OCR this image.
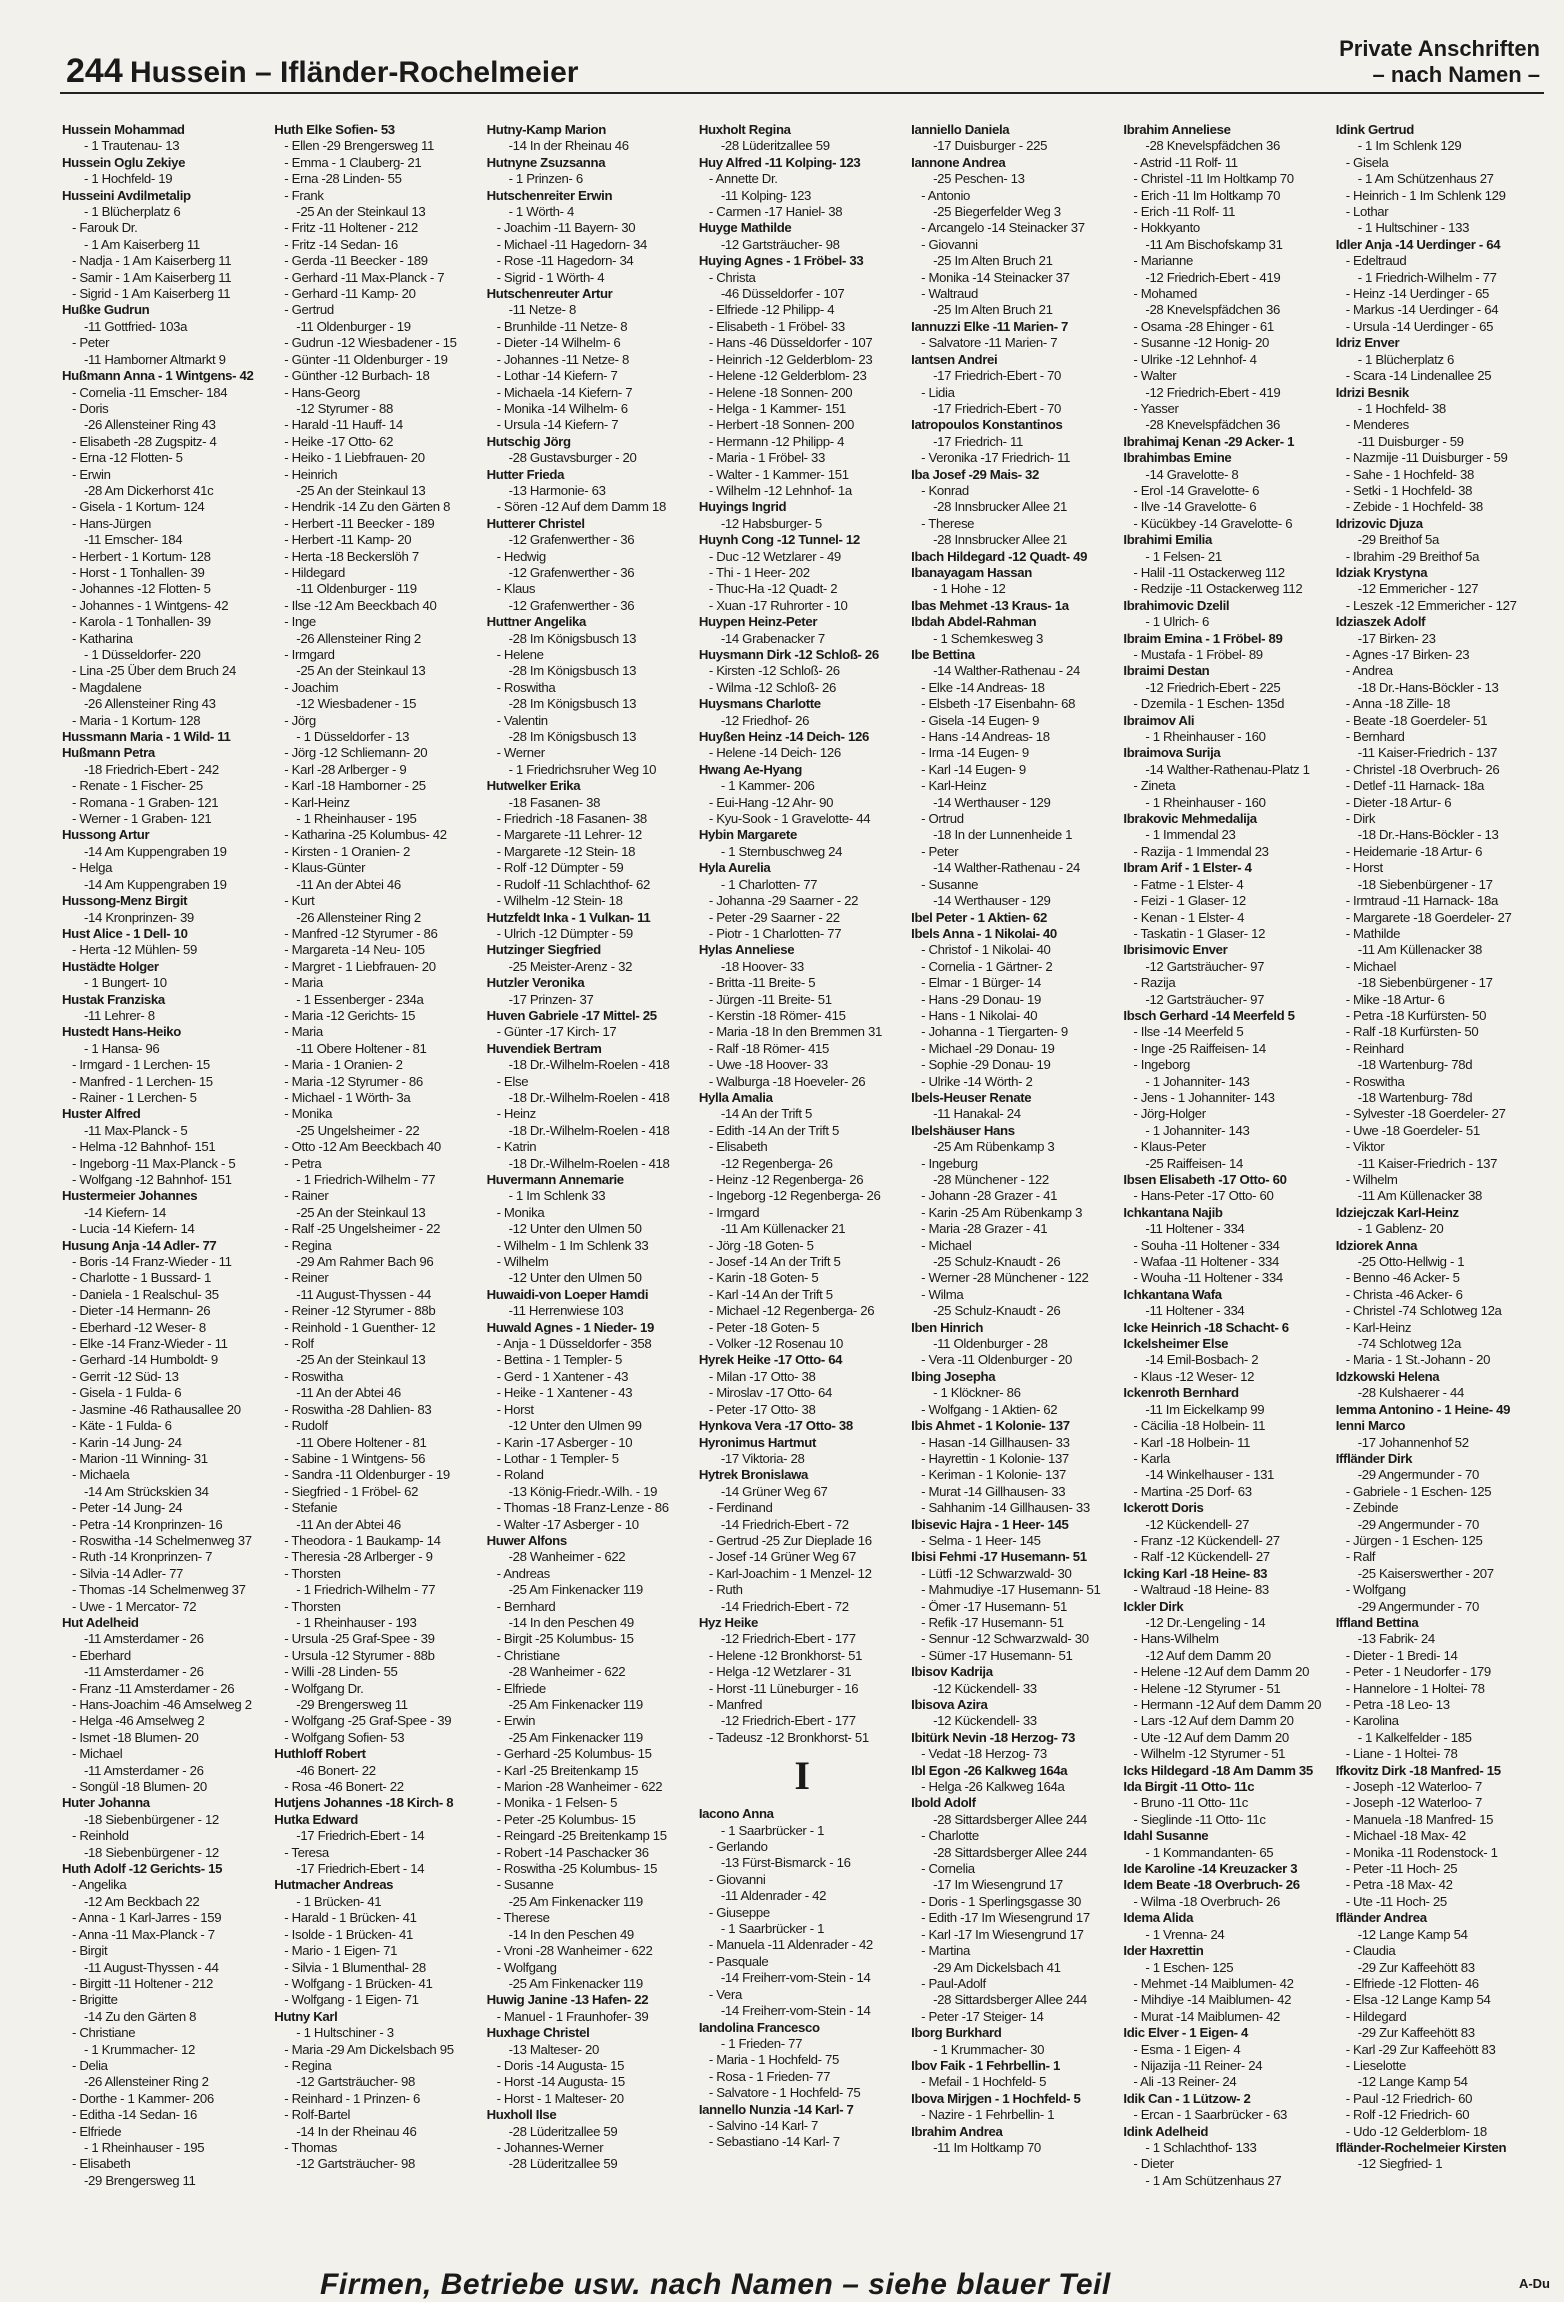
244 Hussein – Ifländer-Rochelmeier
Private Anschriften
– nach Namen –
Hussein Mohammad
- 1 Trautenau- 13
Hussein Oglu Zekiye
- 1 Hochfeld- 19
Husseini Avdilmetalip
- 1 Blücherplatz 6
- Farouk Dr.
- 1 Am Kaiserberg 11
- Nadja - 1 Am Kaiserberg 11
- Samir - 1 Am Kaiserberg 11
- Sigrid - 1 Am Kaiserberg 11
Hußke Gudrun
-11 Gottfried- 103a
- Peter
-11 Hamborner Altmarkt 9
Hußmann Anna - 1 Wintgens- 42
- Cornelia -11 Emscher- 184
- Doris
-26 Allensteiner Ring 43
- Elisabeth -28 Zugspitz- 4
- Erna -12 Flotten- 5
- Erwin
-28 Am Dickerhorst 41c
- Gisela - 1 Kortum- 124
- Hans-Jürgen
-11 Emscher- 184
- Herbert - 1 Kortum- 128
- Horst - 1 Tonhallen- 39
- Johannes -12 Flotten- 5
- Johannes - 1 Wintgens- 42
- Karola - 1 Tonhallen- 39
- Katharina
- 1 Düsseldorfer- 220
- Lina -25 Über dem Bruch 24
- Magdalene
-26 Allensteiner Ring 43
- Maria - 1 Kortum- 128
Hussmann Maria - 1 Wild- 11
Hußmann Petra
-18 Friedrich-Ebert - 242
- Renate - 1 Fischer- 25
- Romana - 1 Graben- 121
- Werner - 1 Graben- 121
Hussong Artur
-14 Am Kuppengraben 19
- Helga
-14 Am Kuppengraben 19
Hussong-Menz Birgit
-14 Kronprinzen- 39
Hust Alice - 1 Dell- 10
- Herta -12 Mühlen- 59
Hustädte Holger
- 1 Bungert- 10
Hustak Franziska
-11 Lehrer- 8
Hustedt Hans-Heiko
- 1 Hansa- 96
- Irmgard - 1 Lerchen- 15
- Manfred - 1 Lerchen- 15
- Rainer - 1 Lerchen- 5
Huster Alfred
-11 Max-Planck - 5
- Helma -12 Bahnhof- 151
- Ingeborg -11 Max-Planck - 5
- Wolfgang -12 Bahnhof- 151
Hustermeier Johannes
-14 Kiefern- 14
- Lucia -14 Kiefern- 14
Husung Anja -14 Adler- 77
- Boris -14 Franz-Wieder - 11
- Charlotte - 1 Bussard- 1
- Daniela - 1 Realschul- 35
- Dieter -14 Hermann- 26
- Eberhard -12 Weser- 8
- Elke -14 Franz-Wieder - 11
- Gerhard -14 Humboldt- 9
- Gerrit -12 Süd- 13
- Gisela - 1 Fulda- 6
- Jasmine -46 Rathausallee 20
- Käte - 1 Fulda- 6
- Karin -14 Jung- 24
- Marion -11 Winning- 31
- Michaela
-14 Am Strückskien 34
- Peter -14 Jung- 24
- Petra -14 Kronprinzen- 16
- Roswitha -14 Schelmenweg 37
- Ruth -14 Kronprinzen- 7
- Silvia -14 Adler- 77
- Thomas -14 Schelmenweg 37
- Uwe - 1 Mercator- 72
Hut Adelheid
-11 Amsterdamer - 26
- Eberhard
-11 Amsterdamer - 26
- Franz -11 Amsterdamer - 26
- Hans-Joachim -46 Amselweg 2
- Helga -46 Amselweg 2
- Ismet -18 Blumen- 20
- Michael
-11 Amsterdamer - 26
- Songül -18 Blumen- 20
Huter Johanna
-18 Siebenbürgener - 12
- Reinhold
-18 Siebenbürgener - 12
Huth Adolf -12 Gerichts- 15
- Angelika
-12 Am Beckbach 22
- Anna - 1 Karl-Jarres - 159
- Anna -11 Max-Planck - 7
- Birgit
-11 August-Thyssen - 44
- Birgitt -11 Holtener - 212
- Brigitte
-14 Zu den Gärten 8
- Christiane
- 1 Krummacher- 12
- Delia
-26 Allensteiner Ring 2
- Dorthe - 1 Kammer- 206
- Editha -14 Sedan- 16
- Elfriede
- 1 Rheinhauser - 195
- Elisabeth
-29 Brengersweg 11
Huth Elke Sofien- 53
- Ellen -29 Brengersweg 11
- Emma - 1 Clauberg- 21
- Erna -28 Linden- 55
- Frank
-25 An der Steinkaul 13
- Fritz -11 Holtener - 212
- Fritz -14 Sedan- 16
- Gerda -11 Beecker - 189
- Gerhard -11 Max-Planck - 7
- Gerhard -11 Kamp- 20
- Gertrud
-11 Oldenburger - 19
- Gudrun -12 Wiesbadener - 15
- Günter -11 Oldenburger - 19
- Günther -12 Burbach- 18
- Hans-Georg
-12 Styrumer - 88
- Harald -11 Hauff- 14
- Heike -17 Otto- 62
- Heiko - 1 Liebfrauen- 20
- Heinrich
-25 An der Steinkaul 13
- Hendrik -14 Zu den Gärten 8
- Herbert -11 Beecker - 189
- Herbert -11 Kamp- 20
- Herta -18 Beckerslöh 7
- Hildegard
-11 Oldenburger - 119
- Ilse -12 Am Beeckbach 40
- Inge
-26 Allensteiner Ring 2
- Irmgard
-25 An der Steinkaul 13
- Joachim
-12 Wiesbadener - 15
- Jörg
- 1 Düsseldorfer - 13
- Jörg -12 Schliemann- 20
- Karl -28 Arlberger - 9
- Karl -18 Hamborner - 25
- Karl-Heinz
- 1 Rheinhauser - 195
- Katharina -25 Kolumbus- 42
- Kirsten - 1 Oranien- 2
- Klaus-Günter
-11 An der Abtei 46
- Kurt
-26 Allensteiner Ring 2
- Manfred -12 Styrumer - 86
- Margareta -14 Neu- 105
- Margret - 1 Liebfrauen- 20
- Maria
- 1 Essenberger - 234a
- Maria -12 Gerichts- 15
- Maria
-11 Obere Holtener - 81
- Maria - 1 Oranien- 2
- Maria -12 Styrumer - 86
- Michael - 1 Wörth- 3a
- Monika
-25 Ungelsheimer - 22
- Otto -12 Am Beeckbach 40
- Petra
- 1 Friedrich-Wilhelm - 77
- Rainer
-25 An der Steinkaul 13
- Ralf -25 Ungelsheimer - 22
- Regina
-29 Am Rahmer Bach 96
- Reiner
-11 August-Thyssen - 44
- Reiner -12 Styrumer - 88b
- Reinhold - 1 Guenther- 12
- Rolf
-25 An der Steinkaul 13
- Roswitha
-11 An der Abtei 46
- Roswitha -28 Dahlien- 83
- Rudolf
-11 Obere Holtener - 81
- Sabine - 1 Wintgens- 56
- Sandra -11 Oldenburger - 19
- Siegfried - 1 Fröbel- 62
- Stefanie
-11 An der Abtei 46
- Theodora - 1 Baukamp- 14
- Theresia -28 Arlberger - 9
- Thorsten
- 1 Friedrich-Wilhelm - 77
- Thorsten
- 1 Rheinhauser - 193
- Ursula -25 Graf-Spee - 39
- Ursula -12 Styrumer - 88b
- Willi -28 Linden- 55
- Wolfgang Dr.
-29 Brengersweg 11
- Wolfgang -25 Graf-Spee - 39
- Wolfgang Sofien- 53
Huthloff Robert
-46 Bonert- 22
- Rosa -46 Bonert- 22
Hutjens Johannes -18 Kirch- 8
Hutka Edward
-17 Friedrich-Ebert - 14
- Teresa
-17 Friedrich-Ebert - 14
Hutmacher Andreas
- 1 Brücken- 41
- Harald - 1 Brücken- 41
- Isolde - 1 Brücken- 41
- Mario - 1 Eigen- 71
- Silvia - 1 Blumenthal- 28
- Wolfgang - 1 Brücken- 41
- Wolfgang - 1 Eigen- 71
Hutny Karl
- 1 Hultschiner - 3
- Maria -29 Am Dickelsbach 95
- Regina
-12 Gartsträucher- 98
- Reinhard - 1 Prinzen- 6
- Rolf-Bartel
-14 In der Rheinau 46
- Thomas
-12 Gartsträucher- 98
Hutny-Kamp Marion
-14 In der Rheinau 46
Hutnyne Zsuzsanna
- 1 Prinzen- 6
Hutschenreiter Erwin
- 1 Wörth- 4
- Joachim -11 Bayern- 30
- Michael -11 Hagedorn- 34
- Rose -11 Hagedorn- 34
- Sigrid - 1 Wörth- 4
Hutschenreuter Artur
-11 Netze- 8
- Brunhilde -11 Netze- 8
- Dieter -14 Wilhelm- 6
- Johannes -11 Netze- 8
- Lothar -14 Kiefern- 7
- Michaela -14 Kiefern- 7
- Monika -14 Wilhelm- 6
- Ursula -14 Kiefern- 7
Hutschig Jörg
-28 Gustavsburger - 20
Hutter Frieda
-13 Harmonie- 63
- Sören -12 Auf dem Damm 18
Hutterer Christel
-12 Grafenwerther - 36
- Hedwig
-12 Grafenwerther - 36
- Klaus
-12 Grafenwerther - 36
Huttner Angelika
-28 Im Königsbusch 13
- Helene
-28 Im Königsbusch 13
- Roswitha
-28 Im Königsbusch 13
- Valentin
-28 Im Königsbusch 13
- Werner
- 1 Friedrichsruher Weg 10
Hutwelker Erika
-18 Fasanen- 38
- Friedrich -18 Fasanen- 38
- Margarete -11 Lehrer- 12
- Margarete -12 Stein- 18
- Rolf -12 Dümpter - 59
- Rudolf -11 Schlachthof- 62
- Wilhelm -12 Stein- 18
Hutzfeldt Inka - 1 Vulkan- 11
- Ulrich -12 Dümpter - 59
Hutzinger Siegfried
-25 Meister-Arenz - 32
Hutzler Veronika
-17 Prinzen- 37
Huven Gabriele -17 Mittel- 25
- Günter -17 Kirch- 17
Huvendiek Bertram
-18 Dr.-Wilhelm-Roelen - 418
- Else
-18 Dr.-Wilhelm-Roelen - 418
- Heinz
-18 Dr.-Wilhelm-Roelen - 418
- Katrin
-18 Dr.-Wilhelm-Roelen - 418
Huvermann Annemarie
- 1 Im Schlenk 33
- Monika
-12 Unter den Ulmen 50
- Wilhelm - 1 Im Schlenk 33
- Wilhelm
-12 Unter den Ulmen 50
Huwaidi-von Loeper Hamdi
-11 Herrenwiese 103
Huwald Agnes - 1 Nieder- 19
- Anja - 1 Düsseldorfer - 358
- Bettina - 1 Templer- 5
- Gerd - 1 Xantener - 43
- Heike - 1 Xantener - 43
- Horst
-12 Unter den Ulmen 99
- Karin -17 Asberger - 10
- Lothar - 1 Templer- 5
- Roland
-13 König-Friedr.-Wilh. - 19
- Thomas -18 Franz-Lenze - 86
- Walter -17 Asberger - 10
Huwer Alfons
-28 Wanheimer - 622
- Andreas
-25 Am Finkenacker 119
- Bernhard
-14 In den Peschen 49
- Birgit -25 Kolumbus- 15
- Christiane
-28 Wanheimer - 622
- Elfriede
-25 Am Finkenacker 119
- Erwin
-25 Am Finkenacker 119
- Gerhard -25 Kolumbus- 15
- Karl -25 Breitenkamp 15
- Marion -28 Wanheimer - 622
- Monika - 1 Felsen- 5
- Peter -25 Kolumbus- 15
- Reingard -25 Breitenkamp 15
- Robert -14 Paschacker 36
- Roswitha -25 Kolumbus- 15
- Susanne
-25 Am Finkenacker 119
- Therese
-14 In den Peschen 49
- Vroni -28 Wanheimer - 622
- Wolfgang
-25 Am Finkenacker 119
Huwig Janine -13 Hafen- 22
- Manuel - 1 Fraunhofer- 39
Huxhage Christel
-13 Malteser- 20
- Doris -14 Augusta- 15
- Horst -14 Augusta- 15
- Horst - 1 Malteser- 20
Huxholl Ilse
-28 Lüderitzallee 59
- Johannes-Werner
-28 Lüderitzallee 59
Huxholt Regina
-28 Lüderitzallee 59
Huy Alfred -11 Kolping- 123
- Annette Dr.
-11 Kolping- 123
- Carmen -17 Haniel- 38
Huyge Mathilde
-12 Gartsträucher- 98
Huying Agnes - 1 Fröbel- 33
- Christa
-46 Düsseldorfer - 107
- Elfriede -12 Philipp- 4
- Elisabeth - 1 Fröbel- 33
- Hans -46 Düsseldorfer - 107
- Heinrich -12 Gelderblom- 23
- Helene -12 Gelderblom- 23
- Helene -18 Sonnen- 200
- Helga - 1 Kammer- 151
- Herbert -18 Sonnen- 200
- Hermann -12 Philipp- 4
- Maria - 1 Fröbel- 33
- Walter - 1 Kammer- 151
- Wilhelm -12 Lehnhof- 1a
Huyings Ingrid
-12 Habsburger- 5
Huynh Cong -12 Tunnel- 12
- Duc -12 Wetzlarer - 49
- Thi - 1 Heer- 202
- Thuc-Ha -12 Quadt- 2
- Xuan -17 Ruhrorter - 10
Huypen Heinz-Peter
-14 Grabenacker 7
Huysmann Dirk -12 Schloß- 26
- Kirsten -12 Schloß- 26
- Wilma -12 Schloß- 26
Huysmans Charlotte
-12 Friedhof- 26
Huyßen Heinz -14 Deich- 126
- Helene -14 Deich- 126
Hwang Ae-Hyang
- 1 Kammer- 206
- Eui-Hang -12 Ahr- 90
- Kyu-Sook - 1 Gravelotte- 44
Hybin Margarete
- 1 Sternbuschweg 24
Hyla Aurelia
- 1 Charlotten- 77
- Johanna -29 Saarner - 22
- Peter -29 Saarner - 22
- Piotr - 1 Charlotten- 77
Hylas Anneliese
-18 Hoover- 33
- Britta -11 Breite- 5
- Jürgen -11 Breite- 51
- Kerstin -18 Römer- 415
- Maria -18 In den Bremmen 31
- Ralf -18 Römer- 415
- Uwe -18 Hoover- 33
- Walburga -18 Hoeveler- 26
Hylla Amalia
-14 An der Trift 5
- Edith -14 An der Trift 5
- Elisabeth
-12 Regenberga- 26
- Heinz -12 Regenberga- 26
- Ingeborg -12 Regenberga- 26
- Irmgard
-11 Am Küllenacker 21
- Jörg -18 Goten- 5
- Josef -14 An der Trift 5
- Karin -18 Goten- 5
- Karl -14 An der Trift 5
- Michael -12 Regenberga- 26
- Peter -18 Goten- 5
- Volker -12 Rosenau 10
Hyrek Heike -17 Otto- 64
- Milan -17 Otto- 38
- Miroslav -17 Otto- 64
- Peter -17 Otto- 38
Hynkova Vera -17 Otto- 38
Hyronimus Hartmut
-17 Viktoria- 28
Hytrek Bronislawa
-14 Grüner Weg 67
- Ferdinand
-14 Friedrich-Ebert - 72
- Gertrud -25 Zur Dieplade 16
- Josef -14 Grüner Weg 67
- Karl-Joachim - 1 Menzel- 12
- Ruth
-14 Friedrich-Ebert - 72
Hyz Heike
-12 Friedrich-Ebert - 177
- Helene -12 Bronkhorst- 51
- Helga -12 Wetzlarer - 31
- Horst -11 Lüneburger - 16
- Manfred
-12 Friedrich-Ebert - 177
- Tadeusz -12 Bronkhorst- 51
I
Iacono Anna
- 1 Saarbrücker - 1
- Gerlando
-13 Fürst-Bismarck - 16
- Giovanni
-11 Aldenrader - 42
- Giuseppe
- 1 Saarbrücker - 1
- Manuela -11 Aldenrader - 42
- Pasquale
-14 Freiherr-vom-Stein - 14
- Vera
-14 Freiherr-vom-Stein - 14
Iandolina Francesco
- 1 Frieden- 77
- Maria - 1 Hochfeld- 75
- Rosa - 1 Frieden- 77
- Salvatore - 1 Hochfeld- 75
Iannello Nunzia -14 Karl- 7
- Salvino -14 Karl- 7
- Sebastiano -14 Karl- 7
Ianniello Daniela
-17 Duisburger - 225
Iannone Andrea
-25 Peschen- 13
- Antonio
-25 Biegerfelder Weg 3
- Arcangelo -14 Steinacker 37
- Giovanni
-25 Im Alten Bruch 21
- Monika -14 Steinacker 37
- Waltraud
-25 Im Alten Bruch 21
Iannuzzi Elke -11 Marien- 7
- Salvatore -11 Marien- 7
Iantsen Andrei
-17 Friedrich-Ebert - 70
- Lidia
-17 Friedrich-Ebert - 70
Iatropoulos Konstantinos
-17 Friedrich- 11
- Veronika -17 Friedrich- 11
Iba Josef -29 Mais- 32
- Konrad
-28 Innsbrucker Allee 21
- Therese
-28 Innsbrucker Allee 21
Ibach Hildegard -12 Quadt- 49
Ibanayagam Hassan
- 1 Hohe - 12
Ibas Mehmet -13 Kraus- 1a
Ibdah Abdel-Rahman
- 1 Schemkesweg 3
Ibe Bettina
-14 Walther-Rathenau - 24
- Elke -14 Andreas- 18
- Elsbeth -17 Eisenbahn- 68
- Gisela -14 Eugen- 9
- Hans -14 Andreas- 18
- Irma -14 Eugen- 9
- Karl -14 Eugen- 9
- Karl-Heinz
-14 Werthauser - 129
- Ortrud
-18 In der Lunnenheide 1
- Peter
-14 Walther-Rathenau - 24
- Susanne
-14 Werthauser - 129
Ibel Peter - 1 Aktien- 62
Ibels Anna - 1 Nikolai- 40
- Christof - 1 Nikolai- 40
- Cornelia - 1 Gärtner- 2
- Elmar - 1 Bürger- 14
- Hans -29 Donau- 19
- Hans - 1 Nikolai- 40
- Johanna - 1 Tiergarten- 9
- Michael -29 Donau- 19
- Sophie -29 Donau- 19
- Ulrike -14 Wörth- 2
Ibels-Heuser Renate
-11 Hanakal- 24
Ibelshäuser Hans
-25 Am Rübenkamp 3
- Ingeburg
-28 Münchener - 122
- Johann -28 Grazer - 41
- Karin -25 Am Rübenkamp 3
- Maria -28 Grazer - 41
- Michael
-25 Schulz-Knaudt - 26
- Werner -28 Münchener - 122
- Wilma
-25 Schulz-Knaudt - 26
Iben Hinrich
-11 Oldenburger - 28
- Vera -11 Oldenburger - 20
Ibing Josepha
- 1 Klöckner- 86
- Wolfgang - 1 Aktien- 62
Ibis Ahmet - 1 Kolonie- 137
- Hasan -14 Gillhausen- 33
- Hayrettin - 1 Kolonie- 137
- Keriman - 1 Kolonie- 137
- Murat -14 Gillhausen- 33
- Sahhanim -14 Gillhausen- 33
Ibisevic Hajra - 1 Heer- 145
- Selma - 1 Heer- 145
Ibisi Fehmi -17 Husemann- 51
- Lütfi -12 Schwarzwald- 30
- Mahmudiye -17 Husemann- 51
- Ömer -17 Husemann- 51
- Refik -17 Husemann- 51
- Sennur -12 Schwarzwald- 30
- Sümer -17 Husemann- 51
Ibisov Kadrija
-12 Kückendell- 33
Ibisova Azira
-12 Kückendell- 33
Ibitürk Nevin -18 Herzog- 73
- Vedat -18 Herzog- 73
Ibl Egon -26 Kalkweg 164a
- Helga -26 Kalkweg 164a
Ibold Adolf
-28 Sittardsberger Allee 244
- Charlotte
-28 Sittardsberger Allee 244
- Cornelia
-17 Im Wiesengrund 17
- Doris - 1 Sperlingsgasse 30
- Edith -17 Im Wiesengrund 17
- Karl -17 Im Wiesengrund 17
- Martina
-29 Am Dickelsbach 41
- Paul-Adolf
-28 Sittardsberger Allee 244
- Peter -17 Steiger- 14
Iborg Burkhard
- 1 Krummacher- 30
Ibov Faik - 1 Fehrbellin- 1
- Mefail - 1 Hochfeld- 5
Ibova Mirjgen - 1 Hochfeld- 5
- Nazire - 1 Fehrbellin- 1
Ibrahim Andrea
-11 Im Holtkamp 70
Ibrahim Anneliese
-28 Knevelspfädchen 36
- Astrid -11 Rolf- 11
- Christel -11 Im Holtkamp 70
- Erich -11 Im Holtkamp 70
- Erich -11 Rolf- 11
- Hokkyanto
-11 Am Bischofskamp 31
- Marianne
-12 Friedrich-Ebert - 419
- Mohamed
-28 Knevelspfädchen 36
- Osama -28 Ehinger - 61
- Susanne -12 Honig- 20
- Ulrike -12 Lehnhof- 4
- Walter
-12 Friedrich-Ebert - 419
- Yasser
-28 Knevelspfädchen 36
Ibrahimaj Kenan -29 Acker- 1
Ibrahimbas Emine
-14 Gravelotte- 8
- Erol -14 Gravelotte- 6
- Ilve -14 Gravelotte- 6
- Kücükbey -14 Gravelotte- 6
Ibrahimi Emilia
- 1 Felsen- 21
- Halil -11 Ostackerweg 112
- Redzije -11 Ostackerweg 112
Ibrahimovic Dzelil
- 1 Ulrich- 6
Ibraim Emina - 1 Fröbel- 89
- Mustafa - 1 Fröbel- 89
Ibraimi Destan
-12 Friedrich-Ebert - 225
- Dzemila - 1 Eschen- 135d
Ibraimov Ali
- 1 Rheinhauser - 160
Ibraimova Surija
-14 Walther-Rathenau-Platz 1
- Zineta
- 1 Rheinhauser - 160
Ibrakovic Mehmedalija
- 1 Immendal 23
- Razija - 1 Immendal 23
Ibram Arif - 1 Elster- 4
- Fatme - 1 Elster- 4
- Feizi - 1 Glaser- 12
- Kenan - 1 Elster- 4
- Taskatin - 1 Glaser- 12
Ibrisimovic Enver
-12 Gartsträucher- 97
- Razija
-12 Gartsträucher- 97
Ibsch Gerhard -14 Meerfeld 5
- Ilse -14 Meerfeld 5
- Inge -25 Raiffeisen- 14
- Ingeborg
- 1 Johanniter- 143
- Jens - 1 Johanniter- 143
- Jörg-Holger
- 1 Johanniter- 143
- Klaus-Peter
-25 Raiffeisen- 14
Ibsen Elisabeth -17 Otto- 60
- Hans-Peter -17 Otto- 60
Ichkantana Najib
-11 Holtener - 334
- Souha -11 Holtener - 334
- Wafaa -11 Holtener - 334
- Wouha -11 Holtener - 334
Ichkantana Wafa
-11 Holtener - 334
Icke Heinrich -18 Schacht- 6
Ickelsheimer Else
-14 Emil-Bosbach- 2
- Klaus -12 Weser- 12
Ickenroth Bernhard
-11 Im Eickelkamp 99
- Cäcilia -18 Holbein- 11
- Karl -18 Holbein- 11
- Karla
-14 Winkelhauser - 131
- Martina -25 Dorf- 63
Ickerott Doris
-12 Kückendell- 27
- Franz -12 Kückendell- 27
- Ralf -12 Kückendell- 27
Icking Karl -18 Heine- 83
- Waltraud -18 Heine- 83
Ickler Dirk
-12 Dr.-Lengeling - 14
- Hans-Wilhelm
-12 Auf dem Damm 20
- Helene -12 Auf dem Damm 20
- Helene -12 Styrumer - 51
- Hermann -12 Auf dem Damm 20
- Lars -12 Auf dem Damm 20
- Ute -12 Auf dem Damm 20
- Wilhelm -12 Styrumer - 51
Icks Hildegard -18 Am Damm 35
Ida Birgit -11 Otto- 11c
- Bruno -11 Otto- 11c
- Sieglinde -11 Otto- 11c
Idahl Susanne
- 1 Kommandanten- 65
Ide Karoline -14 Kreuzacker 3
Idem Beate -18 Overbruch- 26
- Wilma -18 Overbruch- 26
Idema Alida
- 1 Vrenna- 24
Ider Haxrettin
- 1 Eschen- 125
- Mehmet -14 Maiblumen- 42
- Mihdiye -14 Maiblumen- 42
- Murat -14 Maiblumen- 42
Idic Elver - 1 Eigen- 4
- Esma - 1 Eigen- 4
- Nijazija -11 Reiner- 24
- Ali -13 Reiner- 24
Idik Can - 1 Lützow- 2
- Ercan - 1 Saarbrücker - 63
Idink Adelheid
- 1 Schlachthof- 133
- Dieter
- 1 Am Schützenhaus 27
Idink Gertrud
- 1 Im Schlenk 129
- Gisela
- 1 Am Schützenhaus 27
- Heinrich - 1 Im Schlenk 129
- Lothar
- 1 Hultschiner - 133
Idler Anja -14 Uerdinger - 64
- Edeltraud
- 1 Friedrich-Wilhelm - 77
- Heinz -14 Uerdinger - 65
- Markus -14 Uerdinger - 64
- Ursula -14 Uerdinger - 65
Idriz Enver
- 1 Blücherplatz 6
- Scara -14 Lindenallee 25
Idrizi Besnik
- 1 Hochfeld- 38
- Menderes
-11 Duisburger - 59
- Nazmije -11 Duisburger - 59
- Sahe - 1 Hochfeld- 38
- Setki - 1 Hochfeld- 38
- Zebide - 1 Hochfeld- 38
Idrizovic Djuza
-29 Breithof 5a
- Ibrahim -29 Breithof 5a
Idziak Krystyna
-12 Emmericher - 127
- Leszek -12 Emmericher - 127
Idziaszek Adolf
-17 Birken- 23
- Agnes -17 Birken- 23
- Andrea
-18 Dr.-Hans-Böckler - 13
- Anna -18 Zille- 18
- Beate -18 Goerdeler- 51
- Bernhard
-11 Kaiser-Friedrich - 137
- Christel -18 Overbruch- 26
- Detlef -11 Harnack- 18a
- Dieter -18 Artur- 6
- Dirk
-18 Dr.-Hans-Böckler - 13
- Heidemarie -18 Artur- 6
- Horst
-18 Siebenbürgener - 17
- Irmtraud -11 Harnack- 18a
- Margarete -18 Goerdeler- 27
- Mathilde
-11 Am Küllenacker 38
- Michael
-18 Siebenbürgener - 17
- Mike -18 Artur- 6
- Petra -18 Kurfürsten- 50
- Ralf -18 Kurfürsten- 50
- Reinhard
-18 Wartenburg- 78d
- Roswitha
-18 Wartenburg- 78d
- Sylvester -18 Goerdeler- 27
- Uwe -18 Goerdeler- 51
- Viktor
-11 Kaiser-Friedrich - 137
- Wilhelm
-11 Am Küllenacker 38
Idziejczak Karl-Heinz
- 1 Gablenz- 20
Idziorek Anna
-25 Otto-Hellwig - 1
- Benno -46 Acker- 5
- Christa -46 Acker- 6
- Christel -74 Schlotweg 12a
- Karl-Heinz
-74 Schlotweg 12a
- Maria - 1 St.-Johann - 20
Idzkowski Helena
-28 Kulshaerer - 44
Iemma Antonino - 1 Heine- 49
Ienni Marco
-17 Johannenhof 52
Iffländer Dirk
-29 Angermunder - 70
- Gabriele - 1 Eschen- 125
- Zebinde
-29 Angermunder - 70
- Jürgen - 1 Eschen- 125
- Ralf
-25 Kaiserswerther - 207
- Wolfgang
-29 Angermunder - 70
Iffland Bettina
-13 Fabrik- 24
- Dieter - 1 Bredi- 14
- Peter - 1 Neudorfer - 179
- Hannelore - 1 Holtei- 78
- Petra -18 Leo- 13
- Karolina
- 1 Kalkelfelder - 185
- Liane - 1 Holtei- 78
Ifkovitz Dirk -18 Manfred- 15
- Joseph -12 Waterloo- 7
- Joseph -12 Waterloo- 7
- Manuela -18 Manfred- 15
- Michael -18 Max- 42
- Monika -11 Rodenstock- 1
- Peter -11 Hoch- 25
- Petra -18 Max- 42
- Ute -11 Hoch- 25
Ifländer Andrea
-12 Lange Kamp 54
- Claudia
-29 Zur Kaffeehött 83
- Elfriede -12 Flotten- 46
- Elsa -12 Lange Kamp 54
- Hildegard
-29 Zur Kaffeehött 83
- Karl -29 Zur Kaffeehött 83
- Lieselotte
-12 Lange Kamp 54
- Paul -12 Friedrich- 60
- Rolf -12 Friedrich- 60
- Udo -12 Gelderblom- 18
Ifländer-Rochelmeier Kirsten
-12 Siegfried- 1
Firmen, Betriebe usw. nach Namen – siehe blauer Teil	A-Du
